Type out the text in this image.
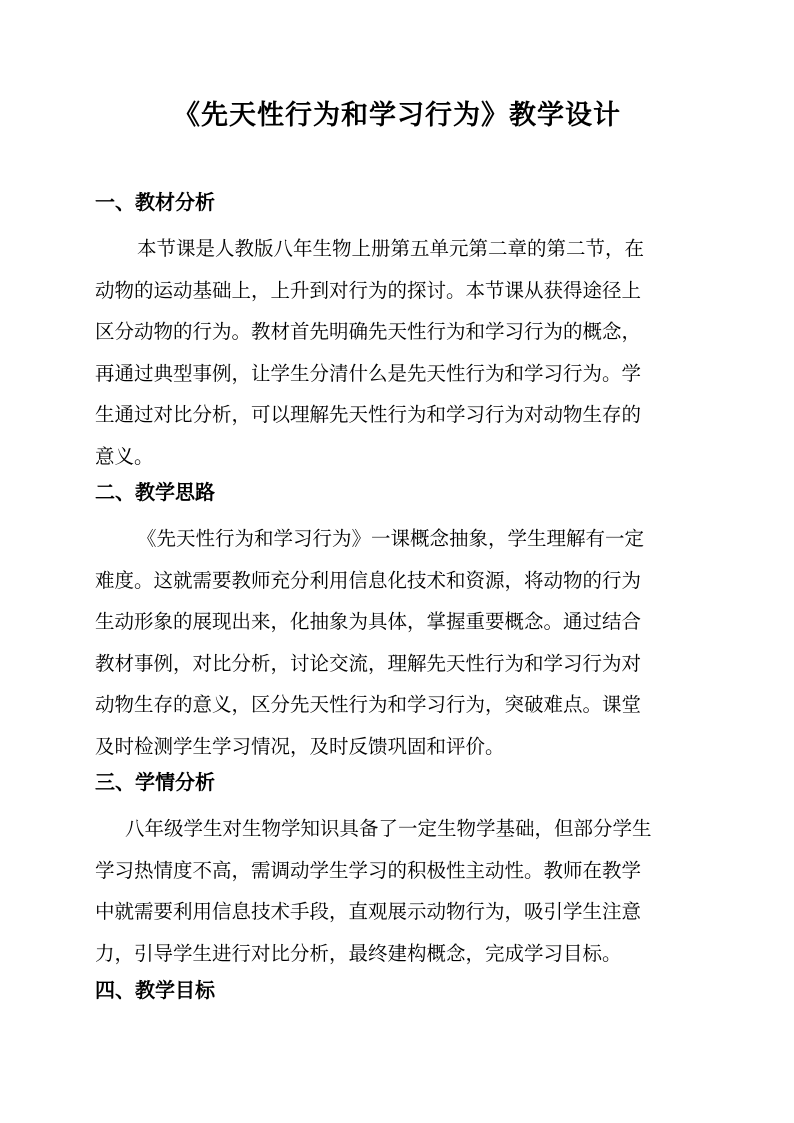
《先天性行为和学习行为》教学设计
一、教材分析
本节课是人教版八年生物上册第五单元第二章的第二节，在
动物的运动基础上，上升到对行为的探讨。本节课从获得途径上
区分动物的行为。教材首先明确先天性行为和学习行为的概念，
再通过典型事例，让学生分清什么是先天性行为和学习行为。学
生通过对比分析，可以理解先天性行为和学习行为对动物生存的
意义。
二、教学思路
《先天性行为和学习行为》一课概念抽象，学生理解有一定
难度。这就需要教师充分利用信息化技术和资源，将动物的行为
生动形象的展现出来，化抽象为具体，掌握重要概念。通过结合
教材事例，对比分析，讨论交流，理解先天性行为和学习行为对
动物生存的意义，区分先天性行为和学习行为，突破难点。课堂
及时检测学生学习情况，及时反馈巩固和评价。
三、学情分析
八年级学生对生物学知识具备了一定生物学基础，但部分学生
学习热情度不高，需调动学生学习的积极性主动性。教师在教学
中就需要利用信息技术手段，直观展示动物行为，吸引学生注意
力，引导学生进行对比分析，最终建构概念，完成学习目标。
四、教学目标
